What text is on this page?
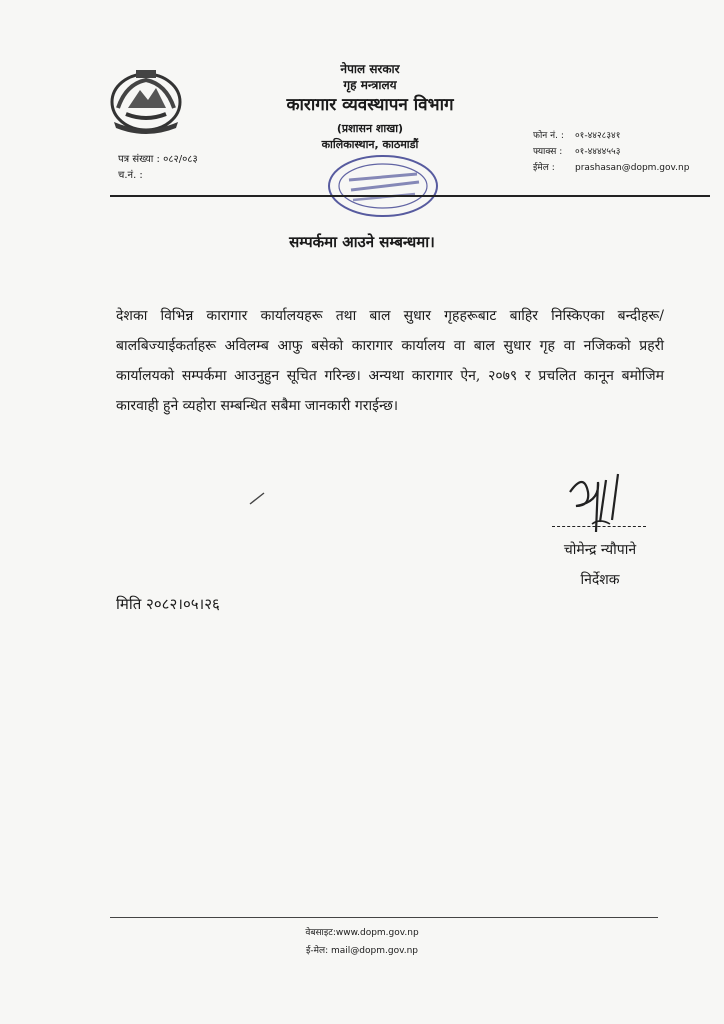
नेपाल सरकार
गृह मन्त्रालय
कारागार व्यवस्थापन विभाग
(प्रशासन शाखा)
कालिकास्थान, काठमाडौं
फोन नं. :	०१-४४२८३४१
फ्याक्स :	०१-४४४४५५३
ईमेल :	prashasan@dopm.gov.np
पत्र संख्या : ०८२/०८३
च.नं. :
सम्पर्कमा आउने सम्बन्धमा।
देशका विभिन्न कारागार कार्यालयहरू तथा बाल सुधार गृहहरूबाट बाहिर निस्किएका बन्दीहरू/बालबिज्याईकर्ताहरू अविलम्ब आफु बसेको कारागार कार्यालय वा बाल सुधार गृह वा नजिकको प्रहरी कार्यालयको सम्पर्कमा आउनुहुन सूचित गरिन्छ। अन्यथा कारागार ऐन, २०७९ र प्रचलित कानून बमोजिम कारवाही हुने व्यहोरा सम्बन्धित सबैमा जानकारी गराईन्छ।
चोमेन्द्र न्यौपाने
निर्देशक
मिति २०८२।०५।२६
वेबसाइट:www.dopm.gov.np
ई-मेल: mail@dopm.gov.np
